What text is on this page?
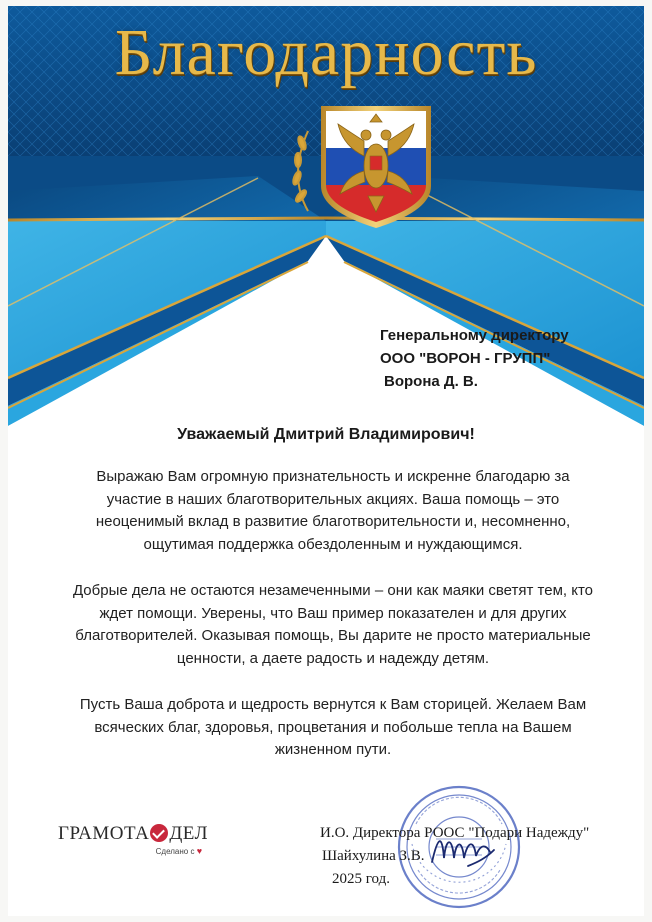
Благодарность
Генеральному директору
ООО "ВОРОН - ГРУПП"
Ворона Д. В.
Уважаемый Дмитрий Владимирович!
Выражаю Вам огромную признательность и искренне благодарю за участие в наших благотворительных акциях. Ваша помощь – это неоценимый вклад в развитие благотворительности и, несомненно, ощутимая поддержка обездоленным и нуждающимся.
Добрые дела не остаются незамеченными – они как маяки светят тем, кто ждет помощи. Уверены, что Ваш пример показателен и для других благотворителей. Оказывая помощь, Вы дарите не просто материальные ценности, а даете радость и надежду детям.
Пусть Ваша доброта и щедрость вернутся к Вам сторицей. Желаем Вам всяческих благ, здоровья, процветания и побольше тепла на Вашем жизненном пути.
ГРАМОТА ДЕЛ
Сделано с ♥
И.О. Директора РООС "Подари Надежду"
Шайхулина З.В.
2025 год.
